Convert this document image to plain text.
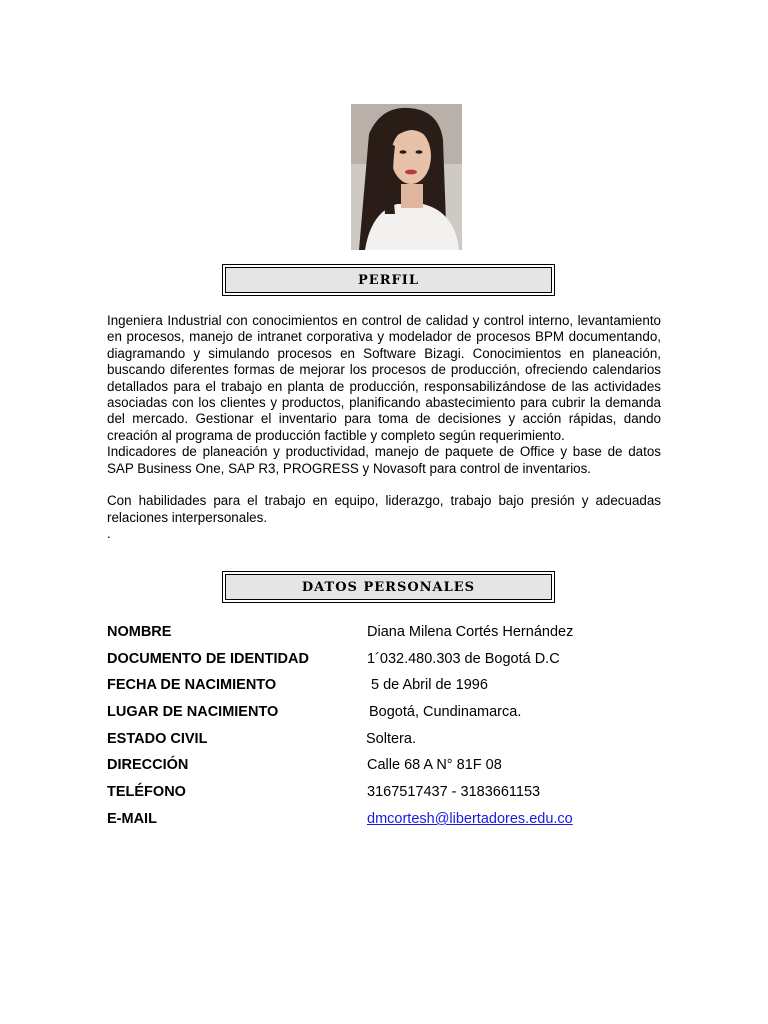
PERFIL

Ingeniera Industrial con conocimientos en control de calidad y control interno, levantamiento en procesos, manejo de intranet corporativa y modelador de procesos BPM documentando, diagramando y simulando procesos en Software Bizagi. Conocimientos en planeación, buscando diferentes formas de mejorar los procesos de producción, ofreciendo calendarios detallados para el trabajo en planta de producción, responsabilizándose de las actividades asociadas con los clientes y productos, planificando abastecimiento para cubrir la demanda del mercado. Gestionar el inventario para toma de decisiones y acción rápidas, dando creación al programa de producción factible y completo según requerimiento.

Indicadores de planeación y productividad, manejo de paquete de Office y base de datos SAP Business One, SAP R3, PROGRESS y Novasoft para control de inventarios.

Con habilidades para el trabajo en equipo, liderazgo, trabajo bajo presión y adecuadas relaciones interpersonales.

.

DATOS PERSONALES
NOMBRE	Diana Milena Cortés Hernández
DOCUMENTO DE IDENTIDAD	1´032.480.303 de Bogotá D.C
FECHA DE NACIMIENTO	5 de Abril de 1996
LUGAR DE NACIMIENTO	Bogotá, Cundinamarca.
ESTADO CIVIL	Soltera.
DIRECCIÓN	Calle 68 A N° 81F 08
TELÉFONO	3167517437 - 3183661153
E-MAIL	dmcortesh@libertadores.edu.co
